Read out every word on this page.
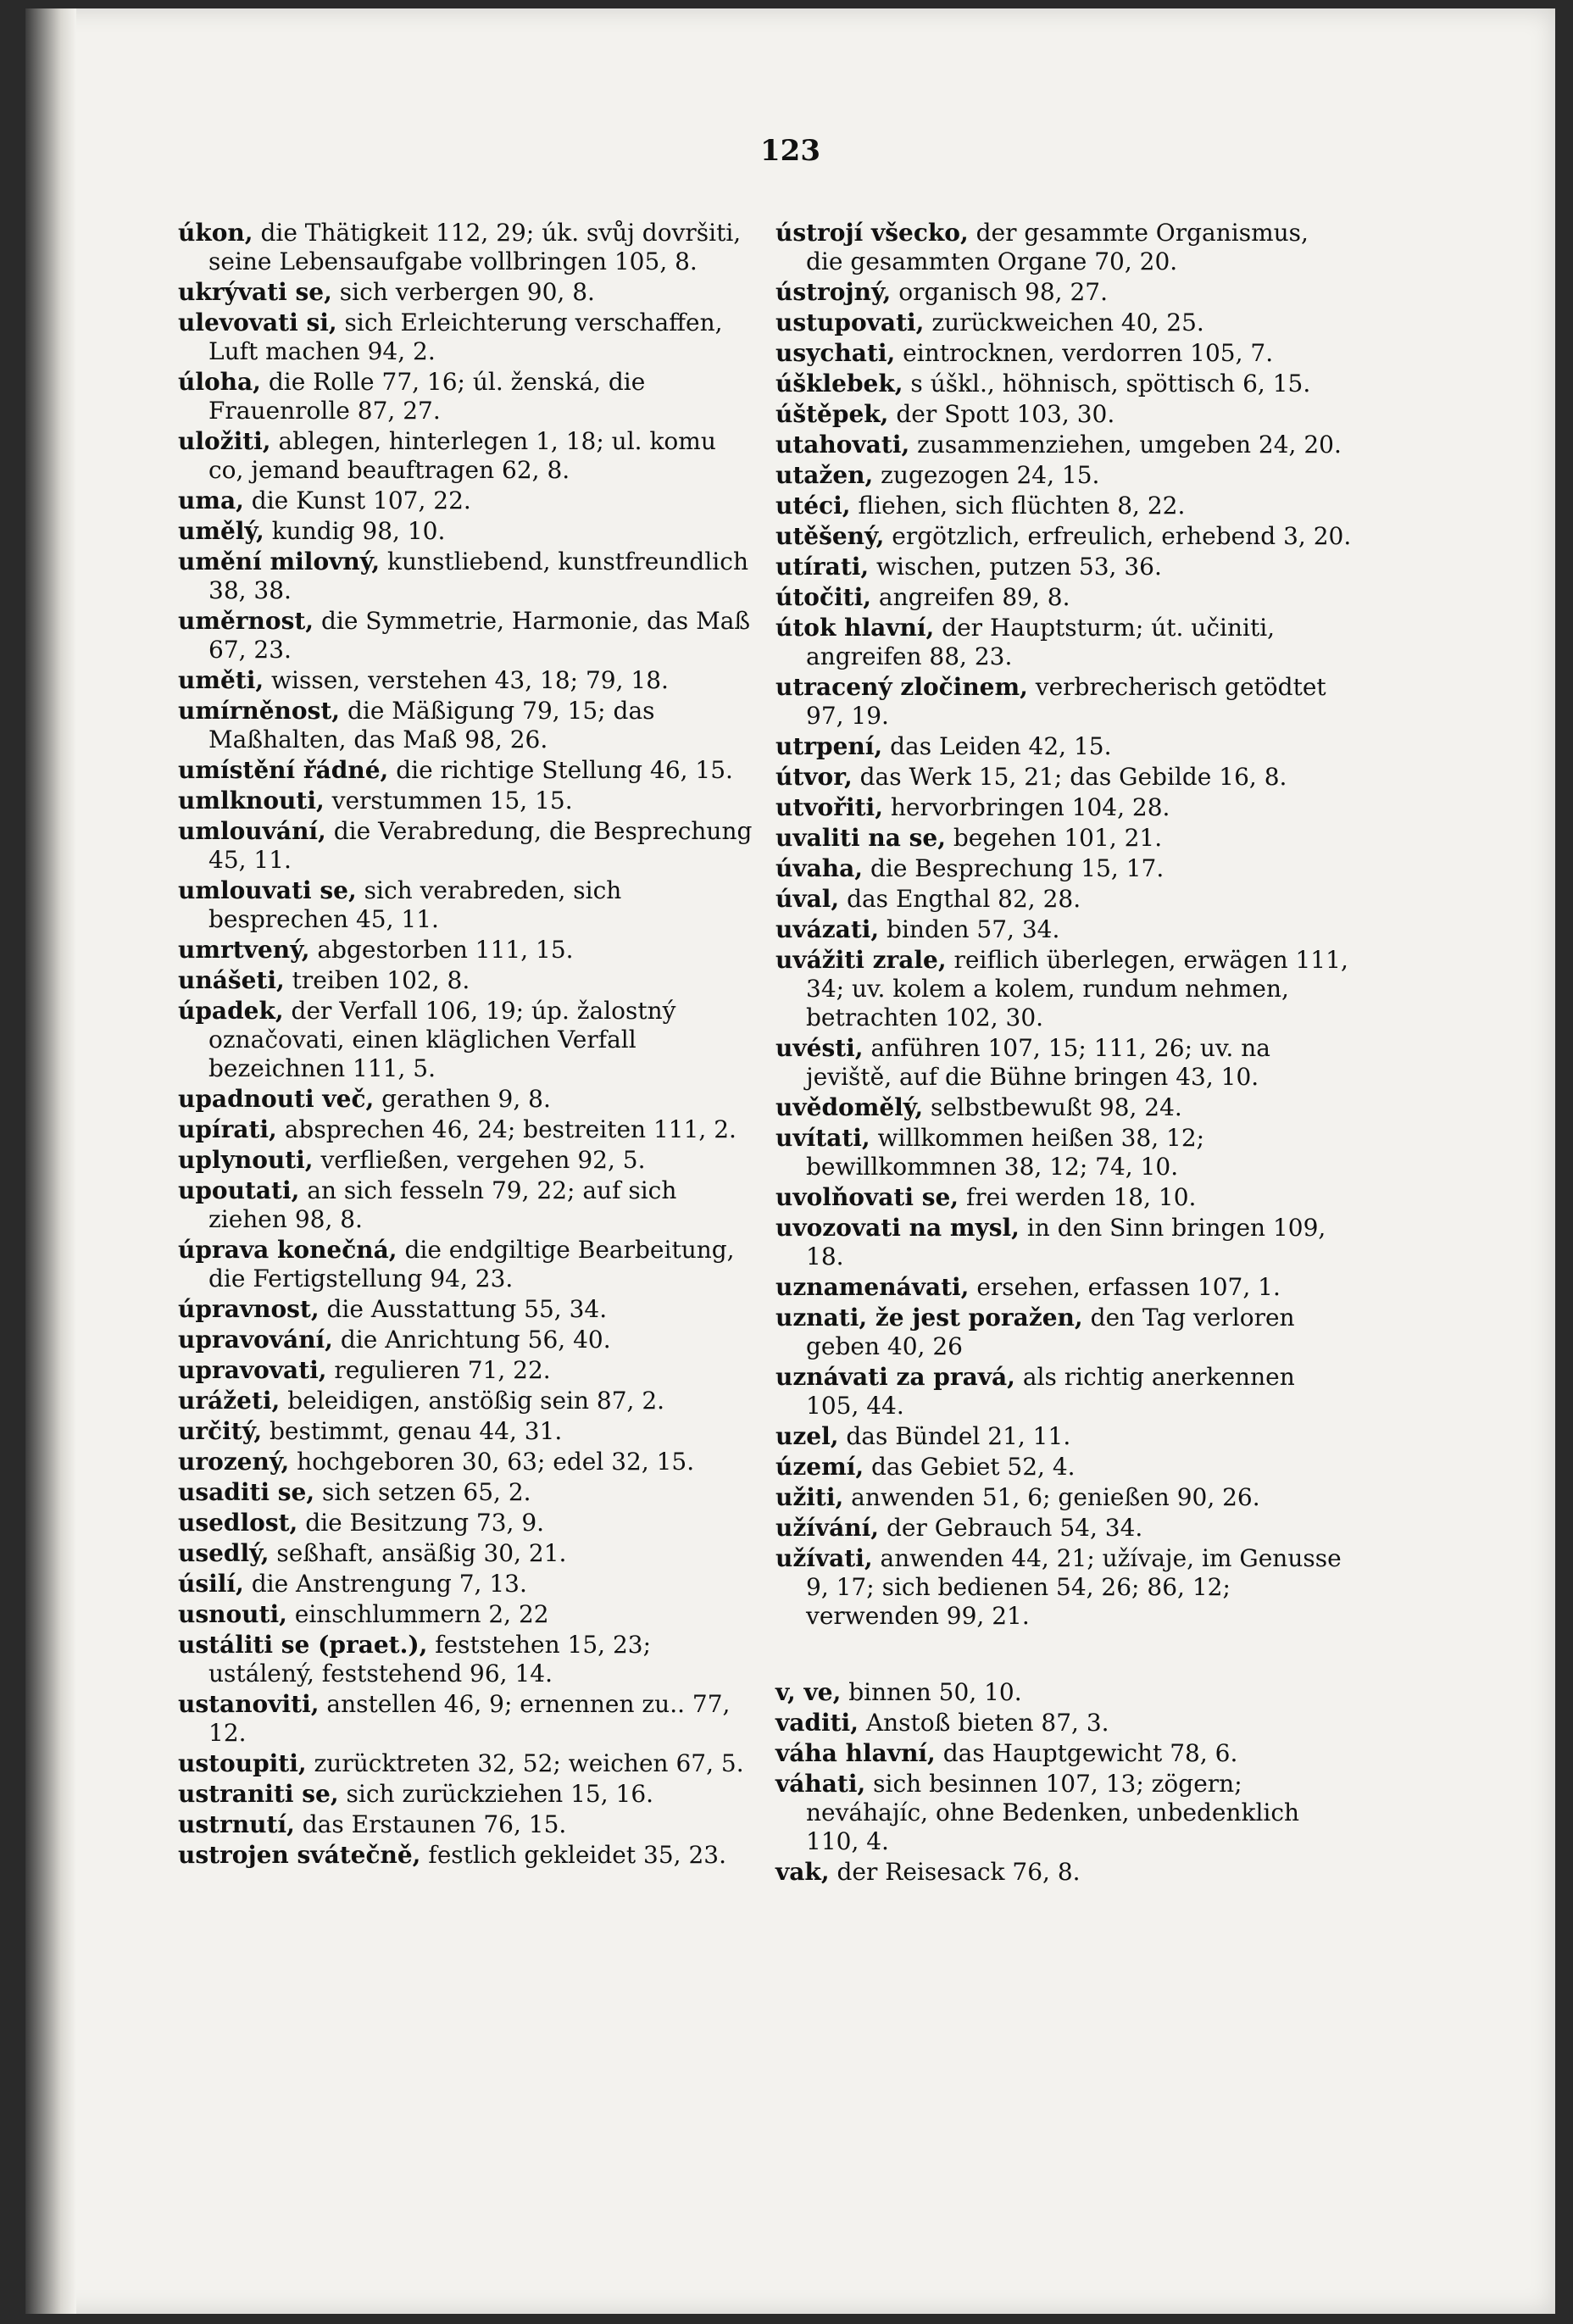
123

úkon, die Thätigkeit 112, 29; úk. svůj dovršiti, seine Lebensaufgabe vollbringen 105, 8.

ukrývati se, sich verbergen 90, 8.

ulevovati si, sich Erleichterung verschaffen, Luft machen 94, 2.

úloha, die Rolle 77, 16; úl. ženská, die Frauenrolle 87, 27.

uložiti, ablegen, hinterlegen 1, 18; ul. komu co, jemand beauftragen 62, 8.

uma, die Kunst 107, 22.

umělý, kundig 98, 10.

umění milovný, kunstliebend, kunstfreundlich 38, 38.

uměrnost, die Symmetrie, Harmonie, das Maß 67, 23.

uměti, wissen, verstehen 43, 18; 79, 18.

umírněnost, die Mäßigung 79, 15; das Maßhalten, das Maß 98, 26.

umístění řádné, die richtige Stellung 46, 15.

umlknouti, verstummen 15, 15.

umlouvání, die Verabredung, die Besprechung 45, 11.

umlouvati se, sich verabreden, sich besprechen 45, 11.

umrtvený, abgestorben 111, 15.

unášeti, treiben 102, 8.

úpadek, der Verfall 106, 19; úp. žalostný označovati, einen kläglichen Verfall bezeichnen 111, 5.

upadnouti več, gerathen 9, 8.

upírati, absprechen 46, 24; bestreiten 111, 2.

uplynouti, verfließen, vergehen 92, 5.

upoutati, an sich fesseln 79, 22; auf sich ziehen 98, 8.

úprava konečná, die endgiltige Bearbeitung, die Fertigstellung 94, 23.

úpravnost, die Ausstattung 55, 34.

upravování, die Anrichtung 56, 40.

upravovati, regulieren 71, 22.

urážeti, beleidigen, anstößig sein 87, 2.

určitý, bestimmt, genau 44, 31.

urozený, hochgeboren 30, 63; edel 32, 15.

usaditi se, sich setzen 65, 2.

usedlost, die Besitzung 73, 9.

usedlý, seßhaft, ansäßig 30, 21.

úsilí, die Anstrengung 7, 13.

usnouti, einschlummern 2, 22

ustáliti se (praet.), feststehen 15, 23; ustálený, feststehend 96, 14.

ustanoviti, anstellen 46, 9; ernennen zu.. 77, 12.

ustoupiti, zurücktreten 32, 52; weichen 67, 5.

ustraniti se, sich zurückziehen 15, 16.

ustrnutí, das Erstaunen 76, 15.

ustrojen svátečně, festlich gekleidet 35, 23.

ústrojí všecko, der gesammte Organismus, die gesammten Organe 70, 20.

ústrojný, organisch 98, 27.

ustupovati, zurückweichen 40, 25.

usychati, eintrocknen, verdorren 105, 7.

úšklebek, s úškl., höhnisch, spöttisch 6, 15.

úštěpek, der Spott 103, 30.

utahovati, zusammenziehen, umgeben 24, 20.

utažen, zugezogen 24, 15.

utéci, fliehen, sich flüchten 8, 22.

utěšený, ergötzlich, erfreulich, erhebend 3, 20.

utírati, wischen, putzen 53, 36.

útočiti, angreifen 89, 8.

útok hlavní, der Hauptsturm; út. učiniti, angreifen 88, 23.

utracený zločinem, verbrecherisch getödtet 97, 19.

utrpení, das Leiden 42, 15.

útvor, das Werk 15, 21; das Gebilde 16, 8.

utvořiti, hervorbringen 104, 28.

uvaliti na se, begehen 101, 21.

úvaha, die Besprechung 15, 17.

úval, das Engthal 82, 28.

uvázati, binden 57, 34.

uvážiti zrale, reiflich überlegen, erwägen 111, 34; uv. kolem a kolem, rundum nehmen, betrachten 102, 30.

uvésti, anführen 107, 15; 111, 26; uv. na jeviště, auf die Bühne bringen 43, 10.

uvědomělý, selbstbewußt 98, 24.

uvítati, willkommen heißen 38, 12; bewillkommnen 38, 12; 74, 10.

uvolňovati se, frei werden 18, 10.

uvozovati na mysl, in den Sinn bringen 109, 18.

uznamenávati, ersehen, erfassen 107, 1.

uznati, že jest poražen, den Tag verloren geben 40, 26

uznávati za pravá, als richtig anerkennen 105, 44.

uzel, das Bündel 21, 11.

území, das Gebiet 52, 4.

užiti, anwenden 51, 6; genießen 90, 26.

užívání, der Gebrauch 54, 34.

užívati, anwenden 44, 21; užívaje, im Genusse 9, 17; sich bedienen 54, 26; 86, 12; verwenden 99, 21.

v, ve, binnen 50, 10.

vaditi, Anstoß bieten 87, 3.

váha hlavní, das Hauptgewicht 78, 6.

váhati, sich besinnen 107, 13; zögern; neváhajíc, ohne Bedenken, unbedenklich 110, 4.

vak, der Reisesack 76, 8.
